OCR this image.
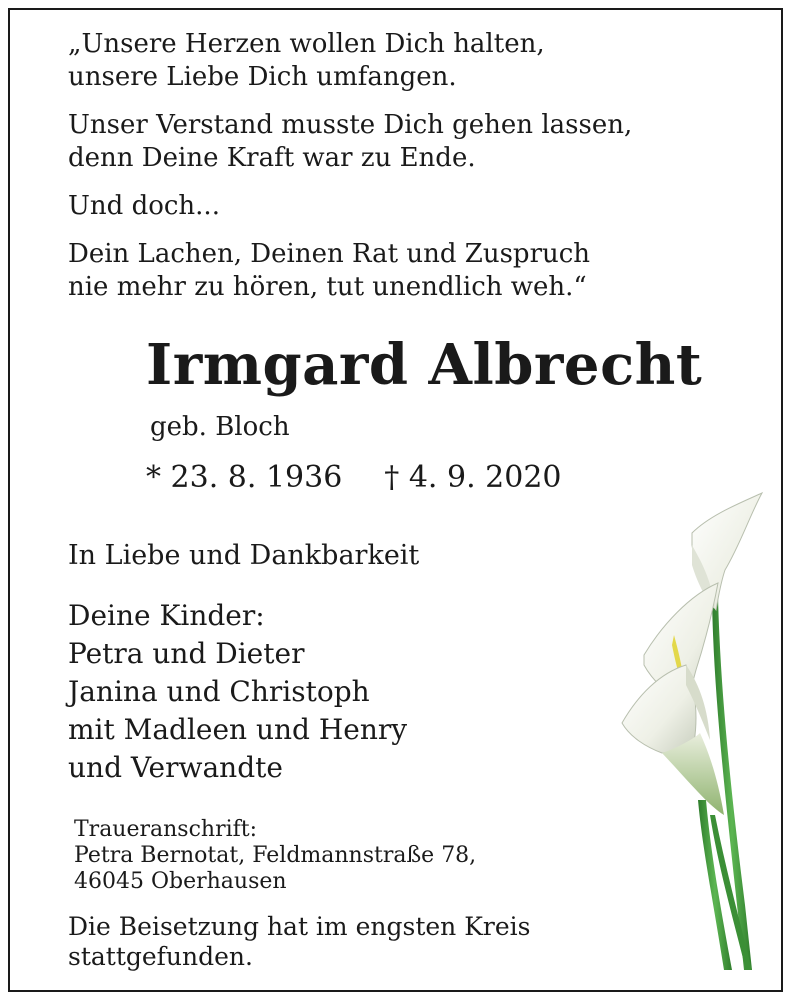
„Unsere Herzen wollen Dich halten,
unsere Liebe Dich umfangen.

Unser Verstand musste Dich gehen lassen,
denn Deine Kraft war zu Ende.

Und doch...

Dein Lachen, Deinen Rat und Zuspruch
nie mehr zu hören, tut unendlich weh.“

Irmgard Albrecht
geb. Bloch
* 23. 8. 1936 † 4. 9. 2020
In Liebe und Dankbarkeit
Deine Kinder:
Petra und Dieter
Janina und Christoph
mit Madleen und Henry
und Verwandte
Traueranschrift:
Petra Bernotat, Feldmannstraße 78,
46045 Oberhausen
Die Beisetzung hat im engsten Kreis
stattgefunden.
